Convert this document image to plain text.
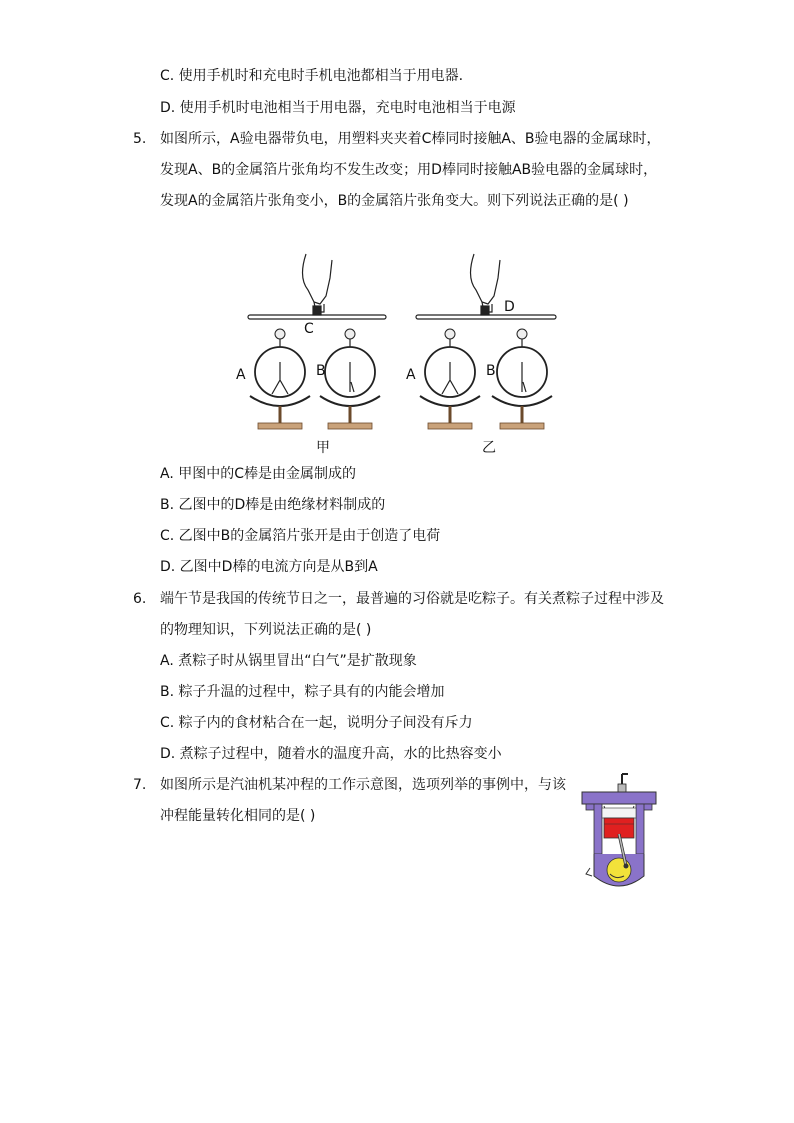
C. 使用手机时和充电时手机电池都相当于用电器.
D. 使用手机时电池相当于用电器，充电时电池相当于电源
5. 如图所示，A验电器带负电，用塑料夹夹着C棒同时接触A、B验电器的金属球时，
发现A、B的金属箔片张角均不发生改变；用D棒同时接触AB验电器的金属球时，
发现A的金属箔片张角变小，B的金属箔片张角变大。则下列说法正确的是( )
C
D
A	B	A	B
甲	乙
A. 甲图中的C棒是由金属制成的
B. 乙图中的D棒是由绝缘材料制成的
C. 乙图中B的金属箔片张开是由于创造了电荷
D. 乙图中D棒的电流方向是从B到A
6. 端午节是我国的传统节日之一，最普遍的习俗就是吃粽子。有关煮粽子过程中涉及
的物理知识，下列说法正确的是( )
A. 煮粽子时从锅里冒出“白气”是扩散现象
B. 粽子升温的过程中，粽子具有的内能会增加
C. 粽子内的食材粘合在一起，说明分子间没有斥力
D. 煮粽子过程中，随着水的温度升高，水的比热容变小
7. 如图所示是汽油机某冲程的工作示意图，选项列举的事例中，与该
冲程能量转化相同的是( )
